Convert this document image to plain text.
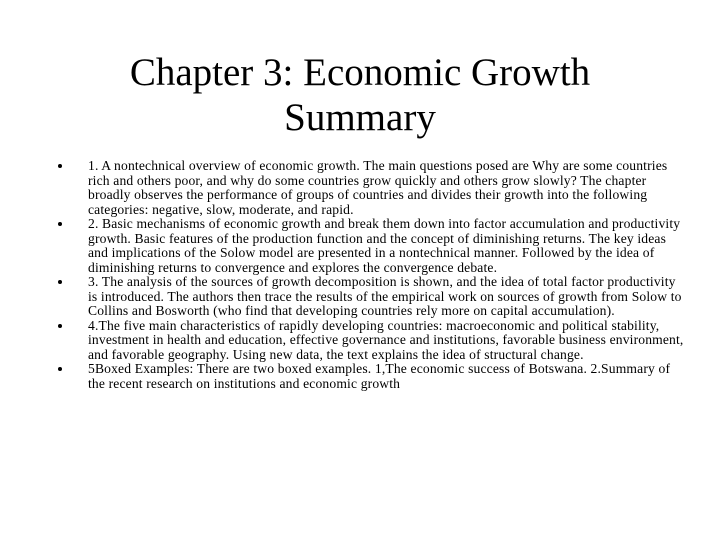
Chapter 3: Economic Growth Summary
1. A nontechnical overview of economic growth. The main questions posed are Why are some countries rich and others poor, and why do some countries grow quickly and others grow slowly? The chapter broadly observes the performance of groups of countries and divides their growth into the following categories: negative, slow, moderate, and rapid.
2. Basic mechanisms of economic growth and break them down into factor accumulation and productivity growth. Basic features of the production function and the concept of diminishing returns. The key ideas and implications of the Solow model are presented in a nontechnical manner. Followed by the idea of diminishing returns to convergence and explores the convergence debate.
3. The analysis of the sources of growth decomposition is shown, and the idea of total factor productivity is introduced. The authors then trace the results of the empirical work on sources of growth from Solow to Collins and Bosworth (who find that developing countries rely more on capital accumulation).
4.The five main characteristics of rapidly developing countries: macroeconomic and political stability, investment in health and education, effective governance and institutions, favorable business environment, and favorable geography. Using new data, the text explains the idea of structural change.
5Boxed Examples: There are two boxed examples. 1,The economic success of Botswana. 2.Summary of the recent research on institutions and economic growth
